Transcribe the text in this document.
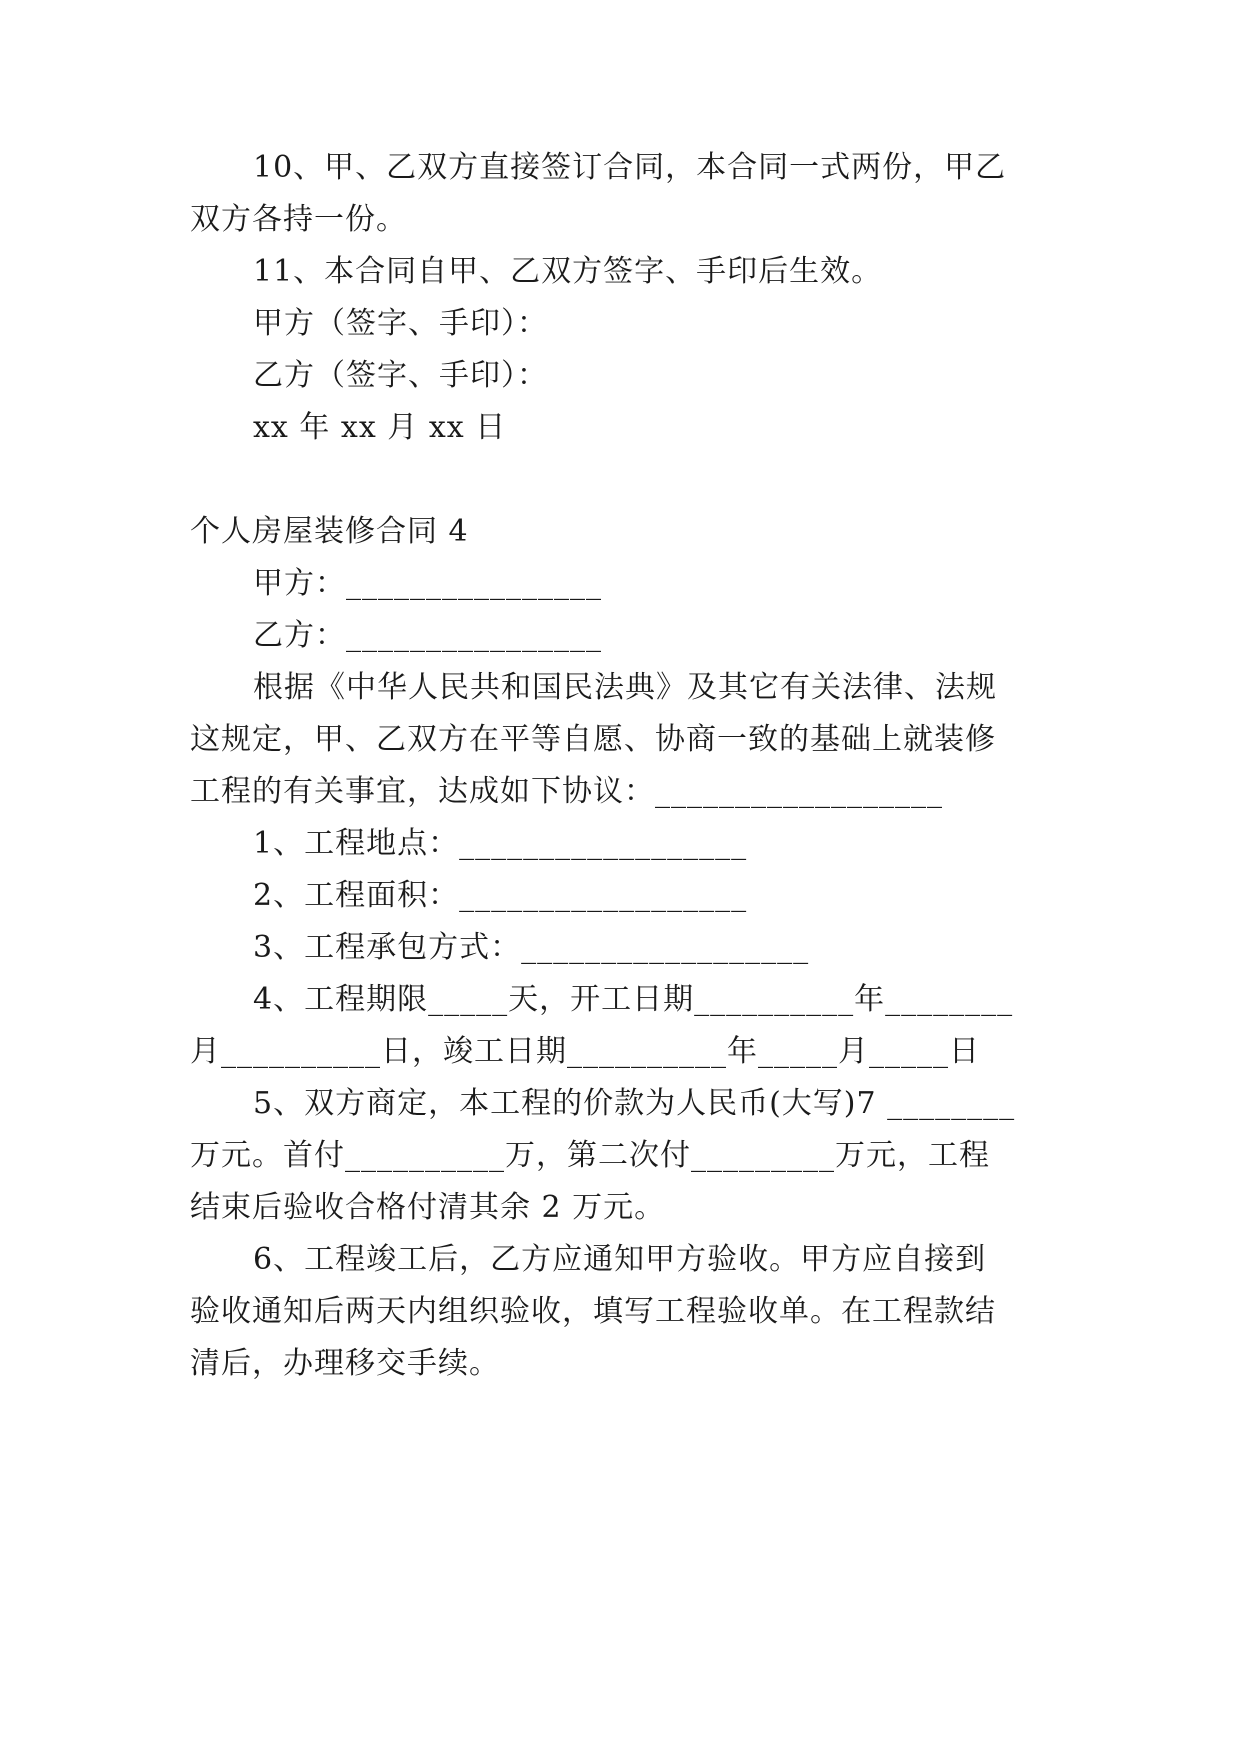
10、甲、乙双方直接签订合同，本合同一式两份，甲乙
双方各持一份。
11、本合同自甲、乙双方签字、手印后生效。
甲方（签字、手印）：
乙方（签字、手印）：
xx 年 xx 月 xx 日
个人房屋装修合同 4
甲方：________________
乙方：________________
根据《中华人民共和国民法典》及其它有关法律、法规
这规定，甲、乙双方在平等自愿、协商一致的基础上就装修
工程的有关事宜，达成如下协议：__________________
1、工程地点：__________________
2、工程面积：__________________
3、工程承包方式：__________________
4、工程期限_____天，开工日期__________年________
月__________日，竣工日期__________年_____月_____日
5、双方商定，本工程的价款为人民币(大写)7 ________
万元。首付__________万，第二次付_________万元，工程
结束后验收合格付清其余 2 万元。
6、工程竣工后，乙方应通知甲方验收。甲方应自接到
验收通知后两天内组织验收，填写工程验收单。在工程款结
清后，办理移交手续。
